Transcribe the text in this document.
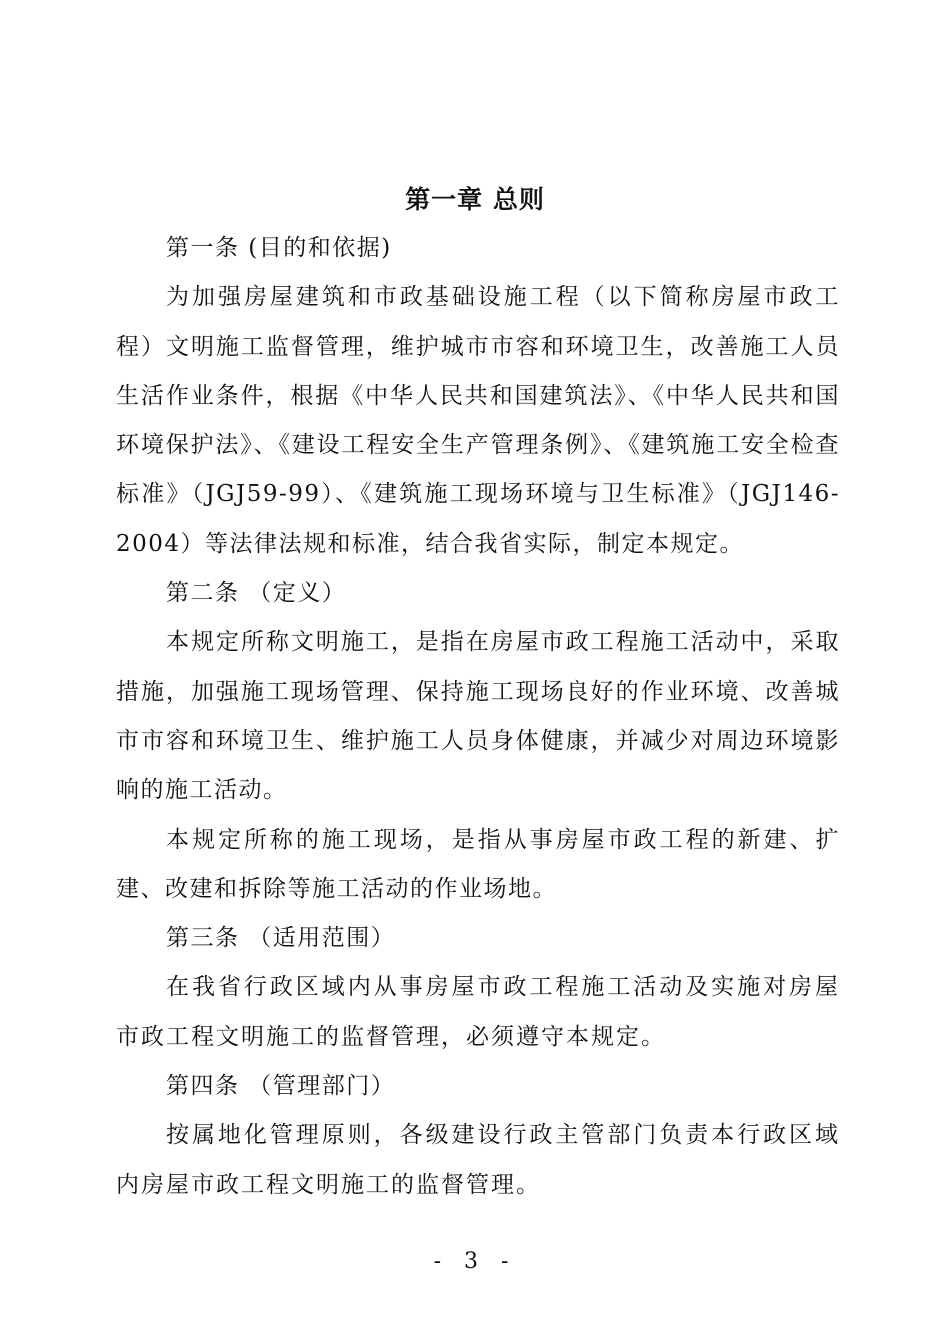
第一章 总则

第一条 (目的和依据)

为加强房屋建筑和市政基础设施工程（以下简称房屋市政工程）文明施工监督管理，维护城市市容和环境卫生，改善施工人员生活作业条件，根据《中华人民共和国建筑法》、《中华人民共和国环境保护法》、《建设工程安全生产管理条例》、《建筑施工安全检查标准》（JGJ59-99）、《建筑施工现场环境与卫生标准》（JGJ146-2004）等法律法规和标准，结合我省实际，制定本规定。

第二条 （定义）

本规定所称文明施工，是指在房屋市政工程施工活动中，采取措施，加强施工现场管理、保持施工现场良好的作业环境、改善城市市容和环境卫生、维护施工人员身体健康，并减少对周边环境影响的施工活动。

本规定所称的施工现场，是指从事房屋市政工程的新建、扩建、改建和拆除等施工活动的作业场地。

第三条 （适用范围）

在我省行政区域内从事房屋市政工程施工活动及实施对房屋市政工程文明施工的监督管理，必须遵守本规定。

第四条 （管理部门）

按属地化管理原则，各级建设行政主管部门负责本行政区域内房屋市政工程文明施工的监督管理。

- 3 -
